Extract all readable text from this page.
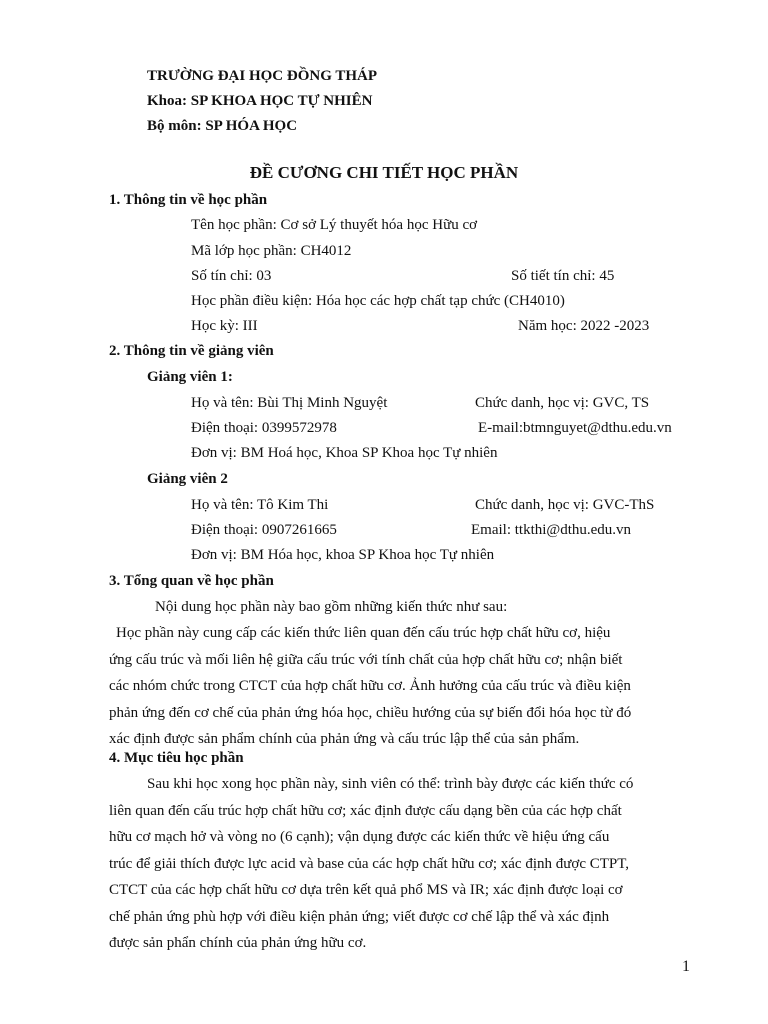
TRƯỜNG ĐẠI HỌC ĐỒNG THÁP
Khoa: SP KHOA HỌC TỰ NHIÊN
Bộ môn: SP HÓA HỌC
ĐỀ CƯƠNG CHI TIẾT HỌC PHẦN
1. Thông tin về học phần
Tên học phần: Cơ sở Lý thuyết hóa học Hữu cơ
Mã lớp học phần: CH4012
Số tín chỉ: 03	Số tiết tín chỉ: 45
Học phần điều kiện: Hóa học các hợp chất tạp chức (CH4010)
Học kỳ: III	Năm học: 2022 -2023
2. Thông tin về giảng viên
Giảng viên 1:
Họ và tên: Bùi Thị Minh Nguyệt	Chức danh, học vị: GVC, TS
Điện thoại: 0399572978	E-mail:btmnguyet@dthu.edu.vn
Đơn vị: BM Hoá học, Khoa SP Khoa học Tự nhiên
Giảng viên 2
Họ và tên: Tô Kim Thi	Chức danh, học vị: GVC-ThS
Điện thoại: 0907261665	Email: ttkthi@dthu.edu.vn
Đơn vị: BM Hóa học, khoa SP Khoa học Tự nhiên
3. Tổng quan về học phần
Nội dung học phần này bao gồm những kiến thức như sau:
Học phần này cung cấp các kiến thức liên quan đến cấu trúc hợp chất hữu cơ, hiệu
ứng cấu trúc và mối liên hệ giữa cấu trúc với tính chất của hợp chất hữu cơ; nhận biết
các nhóm chức trong CTCT của hợp chất hữu cơ. Ảnh hưởng của cấu trúc và điều kiện
phản ứng đến cơ chế của phản ứng hóa học, chiều hướng của sự biến đổi hóa học từ đó
xác định được sản phẩm chính của phản ứng và cấu trúc lập thể của sản phẩm.
4. Mục tiêu học phần
Sau khi học xong học phần này, sinh viên có thể: trình bày được các kiến thức có
liên quan đến cấu trúc hợp chất hữu cơ; xác định được cấu dạng bền của các hợp chất
hữu cơ mạch hở và vòng no (6 cạnh); vận dụng được các kiến thức về hiệu ứng cấu
trúc để giải thích được lực acid và base của các hợp chất hữu cơ; xác định được CTPT,
CTCT của các hợp chất hữu cơ dựa trên kết quả phổ MS và IR; xác định được loại cơ
chế phản ứng phù hợp với điều kiện phản ứng; viết được cơ chế lập thể và xác định
được sản phẩn chính của phản ứng hữu cơ.
1
